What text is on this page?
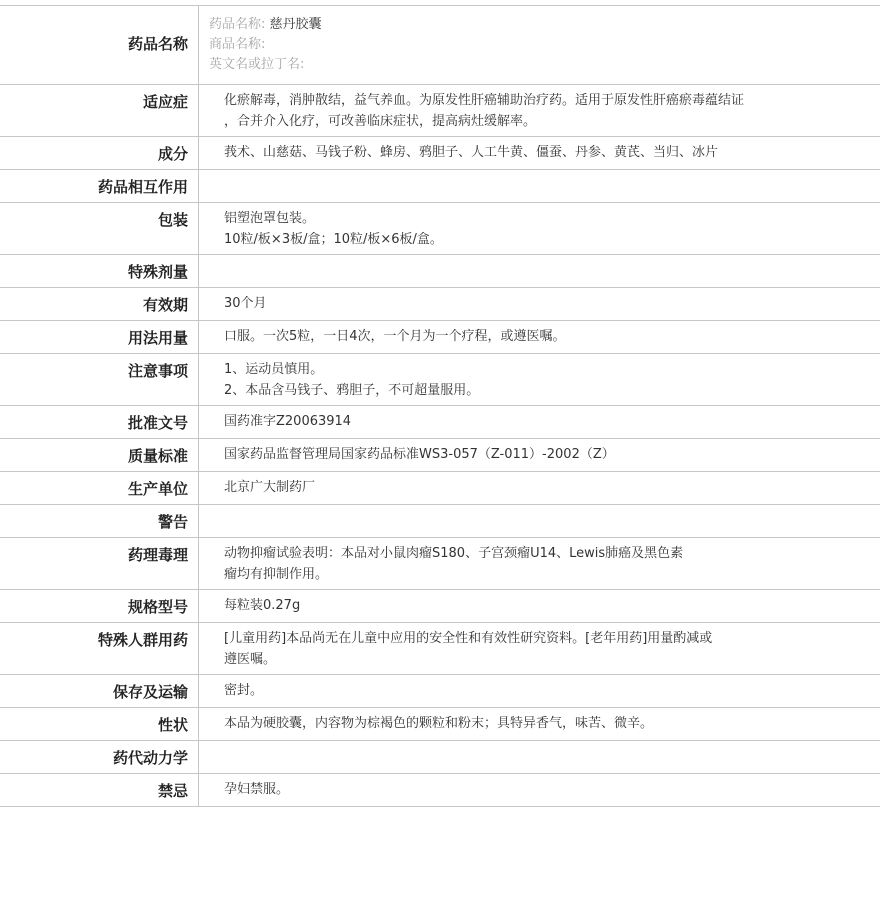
药品名称
药品名称: 慈丹胶囊
商品名称:
英文名或拉丁名:
适应症	化瘀解毒，消肿散结，益气养血。为原发性肝癌辅助治疗药。适用于原发性肝癌瘀毒蕴结证
，合并介入化疗，可改善临床症状，提高病灶缓解率。
成分	莪术、山慈菇、马钱子粉、蜂房、鸦胆子、人工牛黄、僵蚕、丹参、黄芪、当归、冰片
药品相互作用
包装	铝塑泡罩包装。
10粒/板×3板/盒；10粒/板×6板/盒。
特殊剂量
有效期	30个月
用法用量	口服。一次5粒，一日4次，一个月为一个疗程，或遵医嘱。
注意事项	1、运动员慎用。
2、本品含马钱子、鸦胆子，不可超量服用。
批准文号	国药准字Z20063914
质量标准	国家药品监督管理局国家药品标准WS3-057（Z-011）-2002（Z）
生产单位	北京广大制药厂
警告
药理毒理	动物抑瘤试验表明：本品对小鼠肉瘤S180、子宫颈瘤U14、Lewis肺癌及黑色素
瘤均有抑制作用。
规格型号	每粒装0.27g
特殊人群用药	[儿童用药]本品尚无在儿童中应用的安全性和有效性研究资料。[老年用药]用量酌减或
遵医嘱。
保存及运输	密封。
性状	本品为硬胶囊，内容物为棕褐色的颗粒和粉末；具特异香气，味苦、微辛。
药代动力学
禁忌	孕妇禁服。
